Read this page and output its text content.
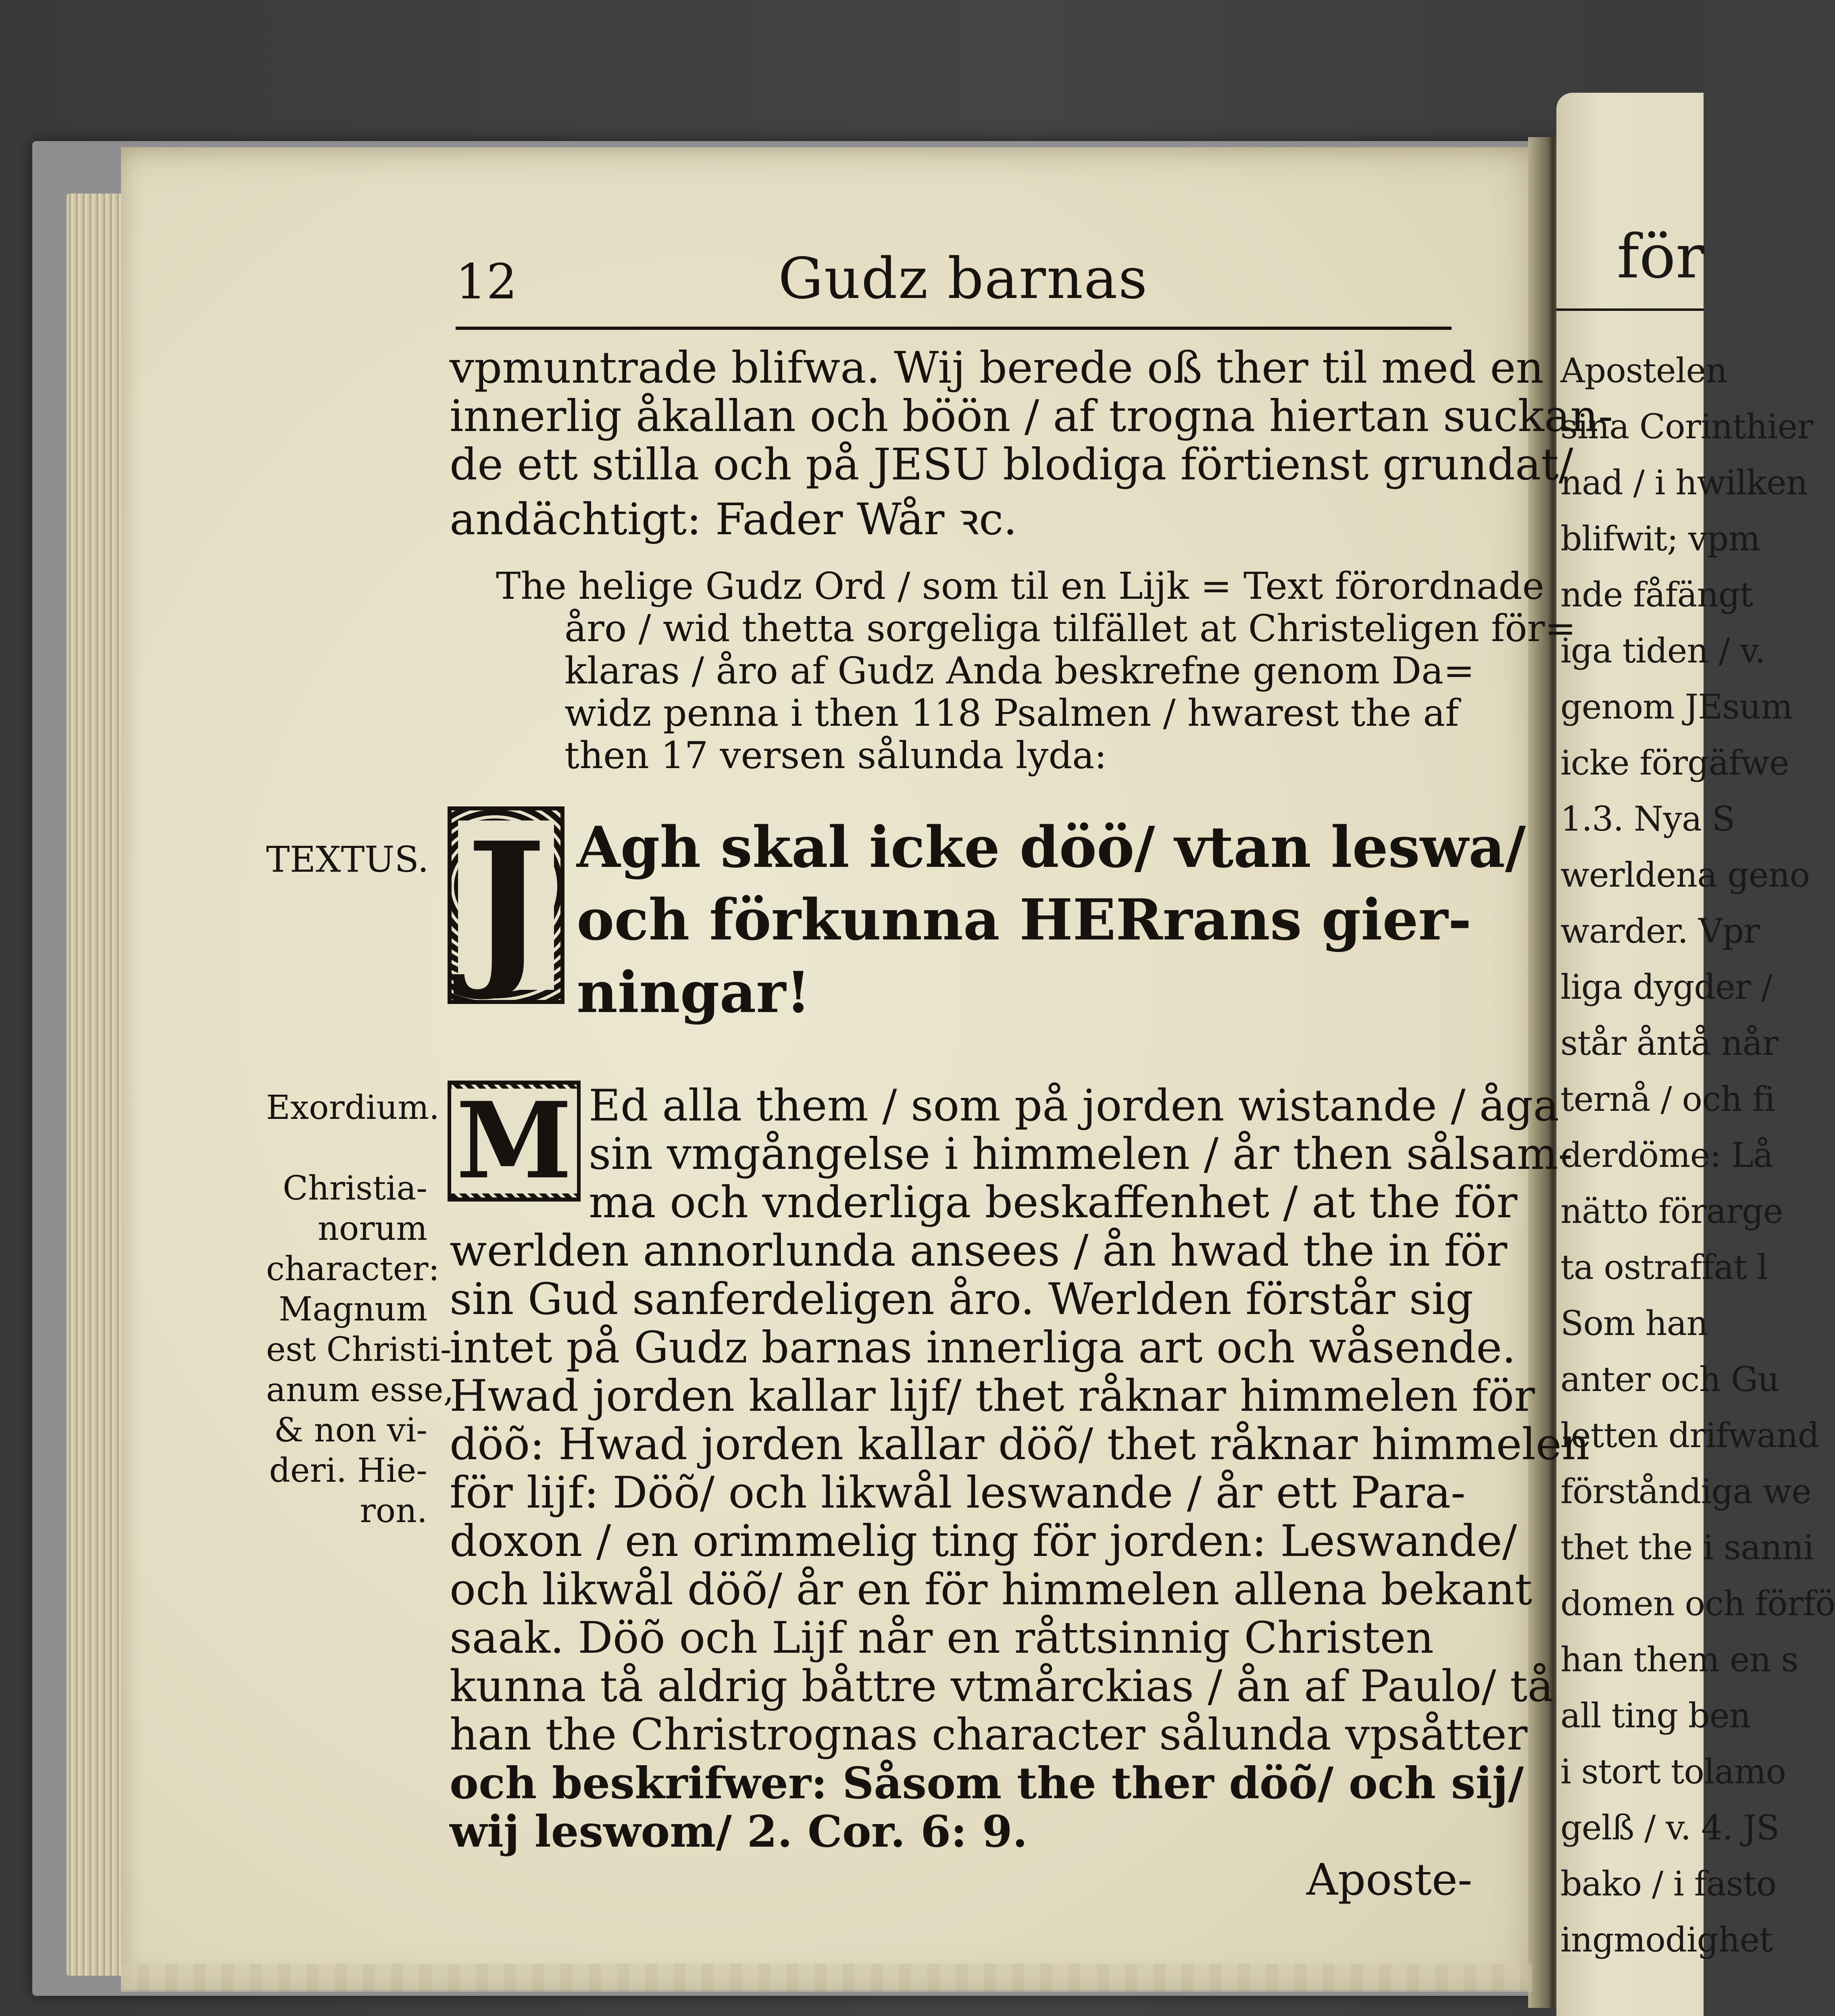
för
Apostelen
sina Corinthier
nad / i hwilken
blifwit; vpm
nde fåfängt
iga tiden / v.
genom JEsum
icke förgäfwe
1.3. Nya S
werldena geno
warder. Vpr
liga dygder /
står åntå når
ternå / och fi
derdöme: Lå
nätto förarge
ta ostraffat l
Som han
anter och Gu
letten drifwand
förståndiga we
thet the i sanni
domen och förfö
han them en s
all ting ben
i stort tolamo
gelß / v. 4. JS
bako / i fasto
ingmodighet
12	Gudz barnas
vpmuntrade blifwa. Wij berede oß ther til med en
innerlig åkallan och böön / af trogna hiertan suckan-
de ett stilla och på JESU blodiga förtienst grundat/
andächtigt: Fader Wår ꝛc.
The helige Gudz Ord / som til en Lijk = Text förordnade
åro / wid thetta sorgeliga tilfället at Christeligen för=
klaras / åro af Gudz Anda beskrefne genom Da=
widz penna i then 118 Psalmen / hwarest the af
then 17 versen sålunda lyda:
TEXTUS. J Agh skal icke döö/ vtan leswa/
och förkunna HERrans gier-
ningar!
Exordium.
Christia-
norum
character:
Magnum
est Christi-
anum esse,
& non vi-
deri. Hie-
ron.
M Ed alla them / som på jorden wistande / åga
sin vmgångelse i himmelen / år then sålsam-
ma och vnderliga beskaffenhet / at the för
werlden annorlunda ansees / ån hwad the in för
sin Gud sanferdeligen åro. Werlden förstår sig
intet på Gudz barnas innerliga art och wåsende.
Hwad jorden kallar lijf/ thet råknar himmelen för
döõ: Hwad jorden kallar döõ/ thet råknar himmelen
för lijf: Döõ/ och likwål leswande / år ett Para-
doxon / en orimmelig ting för jorden: Leswande/
och likwål döõ/ år en för himmelen allena bekant
saak. Döõ och Lijf når en råttsinnig Christen
kunna tå aldrig båttre vtmårckias / ån af Paulo/ tå
han the Christrognas character sålunda vpsåtter
och beskrifwer: Såsom the ther döõ/ och sij/
wij leswom/ 2. Cor. 6: 9.
Aposte-
